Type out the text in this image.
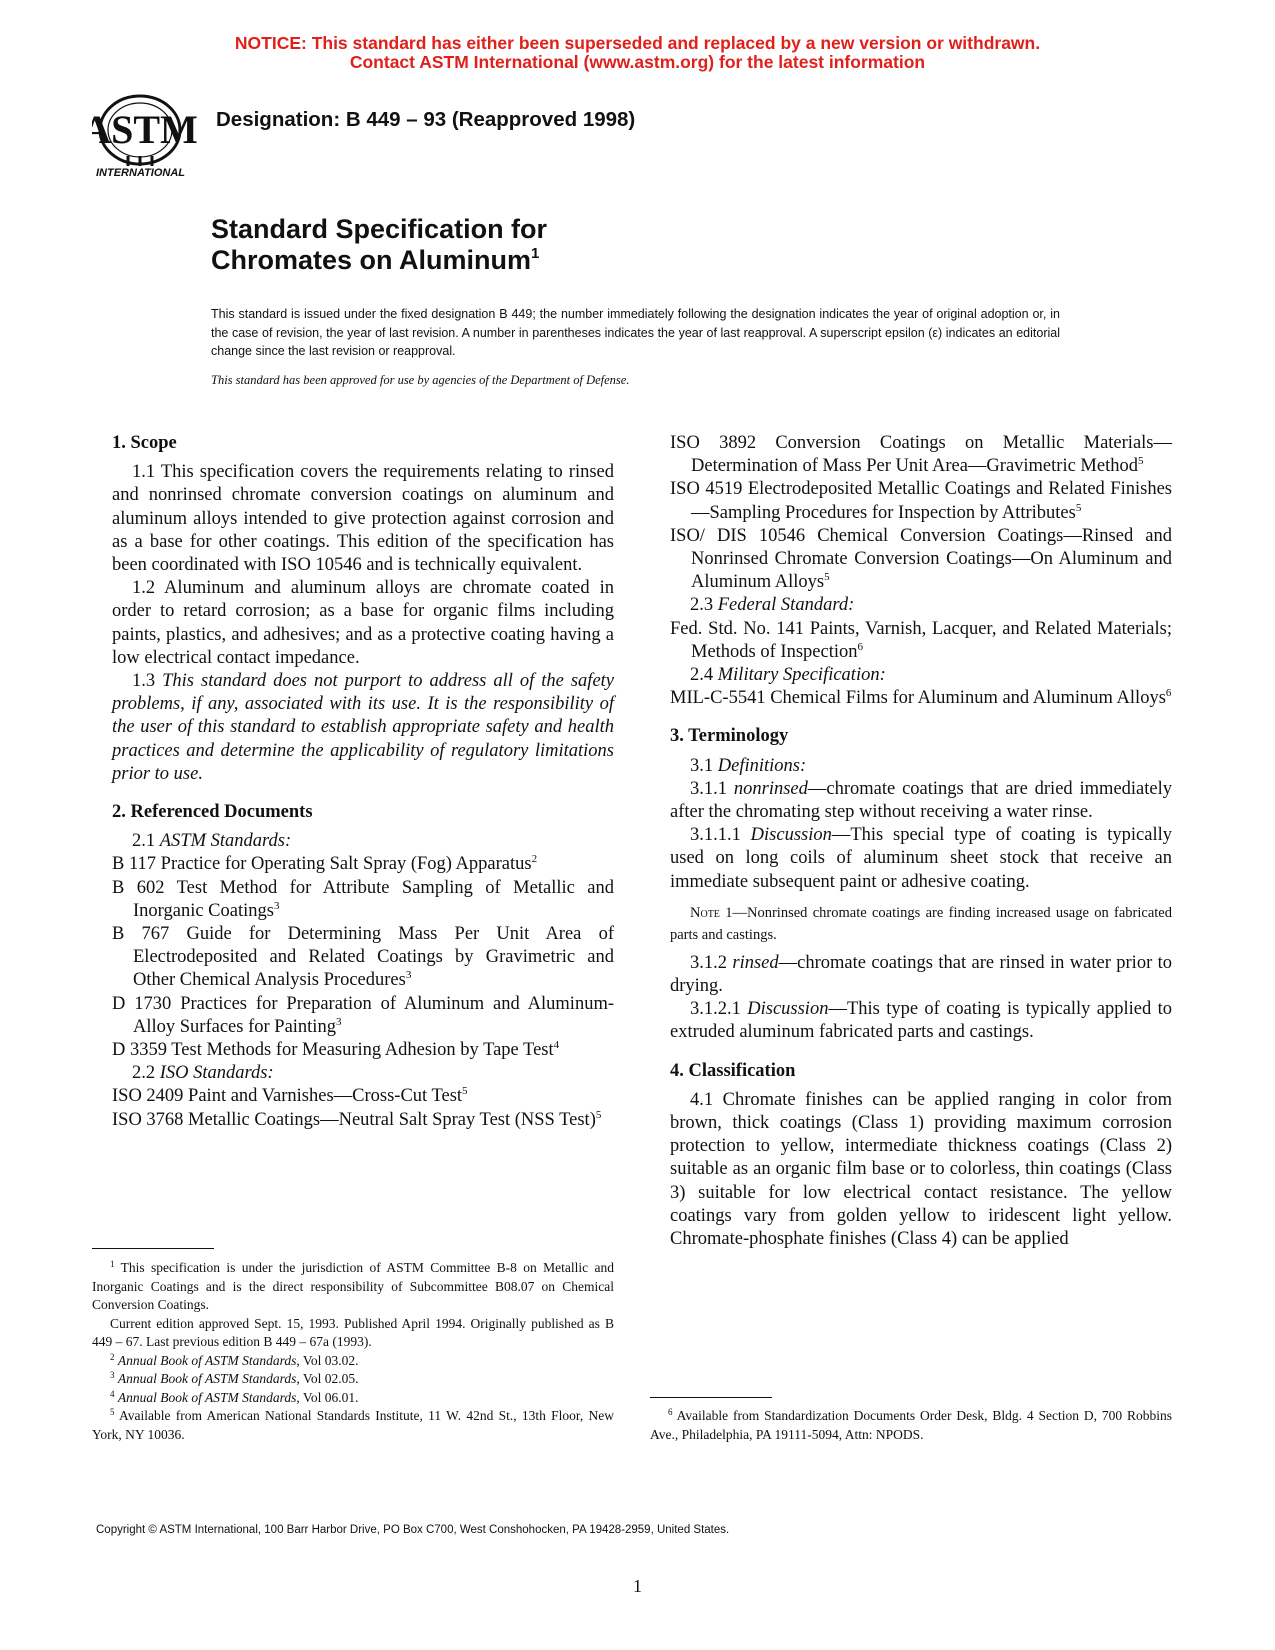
NOTICE: This standard has either been superseded and replaced by a new version or withdrawn.
Contact ASTM International (www.astm.org) for the latest information
ASTM
INTERNATIONAL
Designation: B 449 – 93 (Reapproved 1998)
Standard Specification for
Chromates on Aluminum$^1$
This standard is issued under the fixed designation B 449; the number immediately following the designation indicates the year of original adoption or, in the case of revision, the year of last revision. A number in parentheses indicates the year of last reapproval. A superscript epsilon (ε) indicates an editorial change since the last revision or reapproval.
This standard has been approved for use by agencies of the Department of Defense.
1. Scope

1.1 This specification covers the requirements relating to rinsed and nonrinsed chromate conversion coatings on aluminum and aluminum alloys intended to give protection against corrosion and as a base for other coatings. This edition of the specification has been coordinated with ISO 10546 and is technically equivalent.

1.2 Aluminum and aluminum alloys are chromate coated in order to retard corrosion; as a base for organic films including paints, plastics, and adhesives; and as a protective coating having a low electrical contact impedance.

1.3 This standard does not purport to address all of the safety problems, if any, associated with its use. It is the responsibility of the user of this standard to establish appropriate safety and health practices and determine the applicability of regulatory limitations prior to use.

2. Referenced Documents

2.1 ASTM Standards:

B 117 Practice for Operating Salt Spray (Fog) Apparatus$^2$

B 602 Test Method for Attribute Sampling of Metallic and Inorganic Coatings$^3$

B 767 Guide for Determining Mass Per Unit Area of Electrodeposited and Related Coatings by Gravimetric and Other Chemical Analysis Procedures$^3$

D 1730 Practices for Preparation of Aluminum and Aluminum-Alloy Surfaces for Painting$^3$

D 3359 Test Methods for Measuring Adhesion by Tape Test$^4$

2.2 ISO Standards:

ISO 2409 Paint and Varnishes—Cross-Cut Test$^5$

ISO 3768 Metallic Coatings—Neutral Salt Spray Test (NSS Test)$^5$

$^1$ This specification is under the jurisdiction of ASTM Committee B-8 on Metallic and Inorganic Coatings and is the direct responsibility of Subcommittee B08.07 on Chemical Conversion Coatings.

Current edition approved Sept. 15, 1993. Published April 1994. Originally published as B 449 – 67. Last previous edition B 449 – 67a (1993).

$^2$ Annual Book of ASTM Standards, Vol 03.02.

$^3$ Annual Book of ASTM Standards, Vol 02.05.

$^4$ Annual Book of ASTM Standards, Vol 06.01.

$^5$ Available from American National Standards Institute, 11 W. 42nd St., 13th Floor, New York, NY 10036.

ISO 3892 Conversion Coatings on Metallic Materials—Determination of Mass Per Unit Area—Gravimetric Method$^5$

ISO 4519 Electrodeposited Metallic Coatings and Related Finishes—Sampling Procedures for Inspection by Attributes$^5$

ISO/ DIS 10546 Chemical Conversion Coatings—Rinsed and Nonrinsed Chromate Conversion Coatings—On Aluminum and Aluminum Alloys$^5$

2.3 Federal Standard:

Fed. Std. No. 141 Paints, Varnish, Lacquer, and Related Materials; Methods of Inspection$^6$

2.4 Military Specification:

MIL-C-5541 Chemical Films for Aluminum and Aluminum Alloys$^6$

3. Terminology

3.1 Definitions:

3.1.1 nonrinsed—chromate coatings that are dried immediately after the chromating step without receiving a water rinse.

3.1.1.1 Discussion—This special type of coating is typically used on long coils of aluminum sheet stock that receive an immediate subsequent paint or adhesive coating.

Note 1—Nonrinsed chromate coatings are finding increased usage on fabricated parts and castings.

3.1.2 rinsed—chromate coatings that are rinsed in water prior to drying.

3.1.2.1 Discussion—This type of coating is typically applied to extruded aluminum fabricated parts and castings.

4. Classification

4.1 Chromate finishes can be applied ranging in color from brown, thick coatings (Class 1) providing maximum corrosion protection to yellow, intermediate thickness coatings (Class 2) suitable as an organic film base or to colorless, thin coatings (Class 3) suitable for low electrical contact resistance. The yellow coatings vary from golden yellow to iridescent light yellow. Chromate-phosphate finishes (Class 4) can be applied

$^6$ Available from Standardization Documents Order Desk, Bldg. 4 Section D, 700 Robbins Ave., Philadelphia, PA 19111-5094, Attn: NPODS.

Copyright © ASTM International, 100 Barr Harbor Drive, PO Box C700, West Conshohocken, PA 19428-2959, United States.
1
